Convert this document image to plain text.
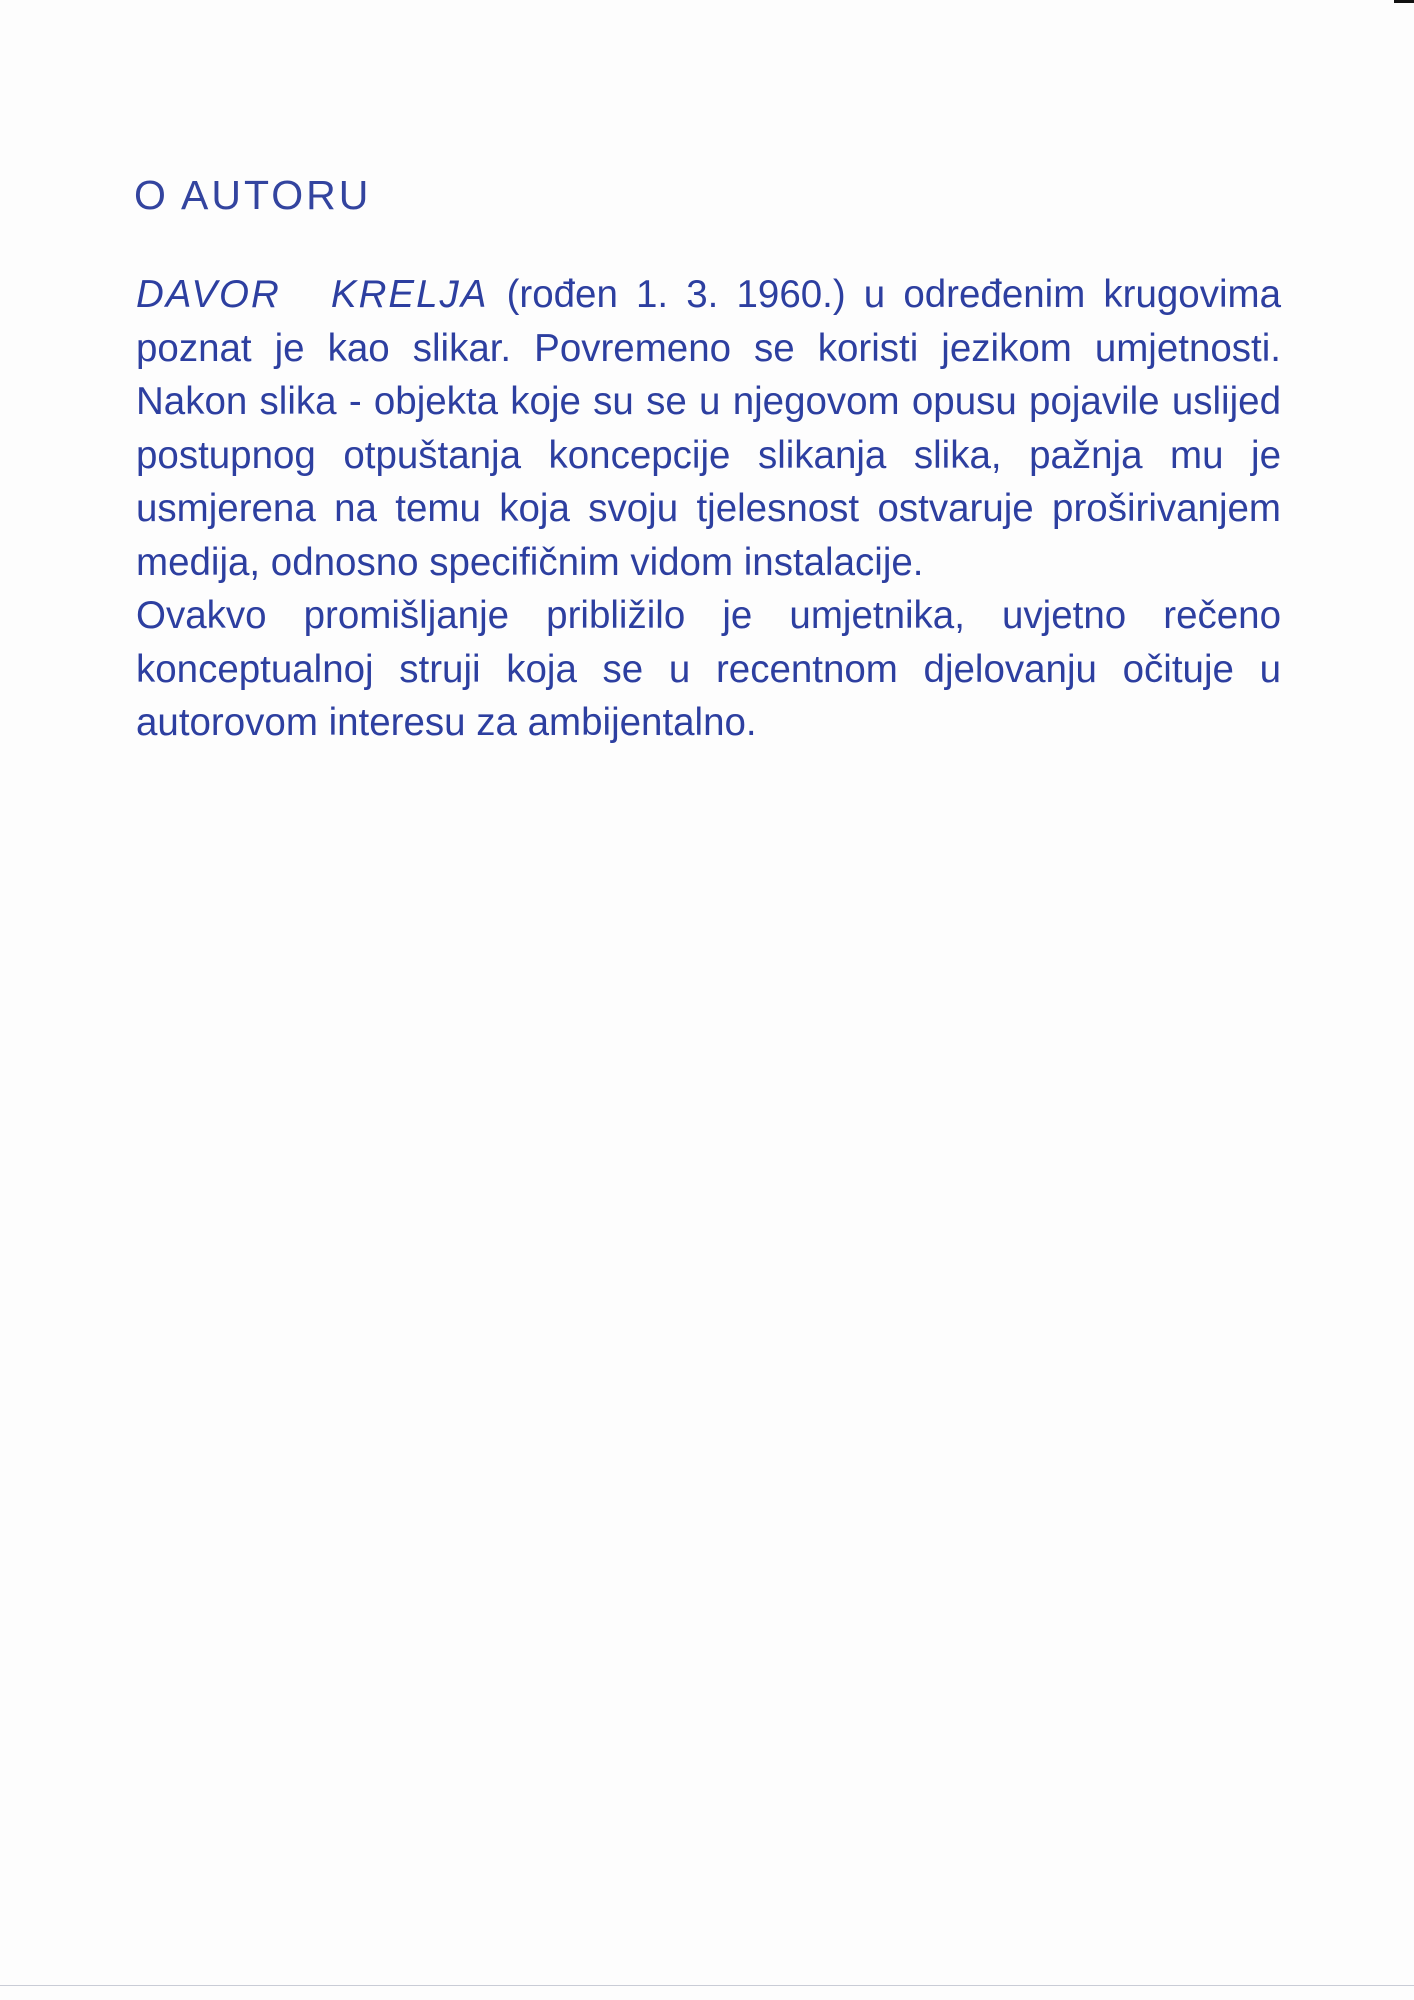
O AUTORU

DAVOR KRELJA (rođen 1. 3. 1960.) u određenim krugovima poznat je kao slikar. Povremeno se koristi jezikom umjetnosti. Nakon slika - objekta koje su se u njegovom opusu pojavile uslijed postupnog otpuštanja koncepcije slikanja slika, pažnja mu je usmjerena na temu koja svoju tjelesnost ostvaruje proširivanjem medija, odnosno specifičnim vidom instalacije.

Ovakvo promišljanje približilo je umjetnika, uvjetno rečeno konceptualnoj struji koja se u recentnom djelovanju očituje u autorovom interesu za ambijentalno.
